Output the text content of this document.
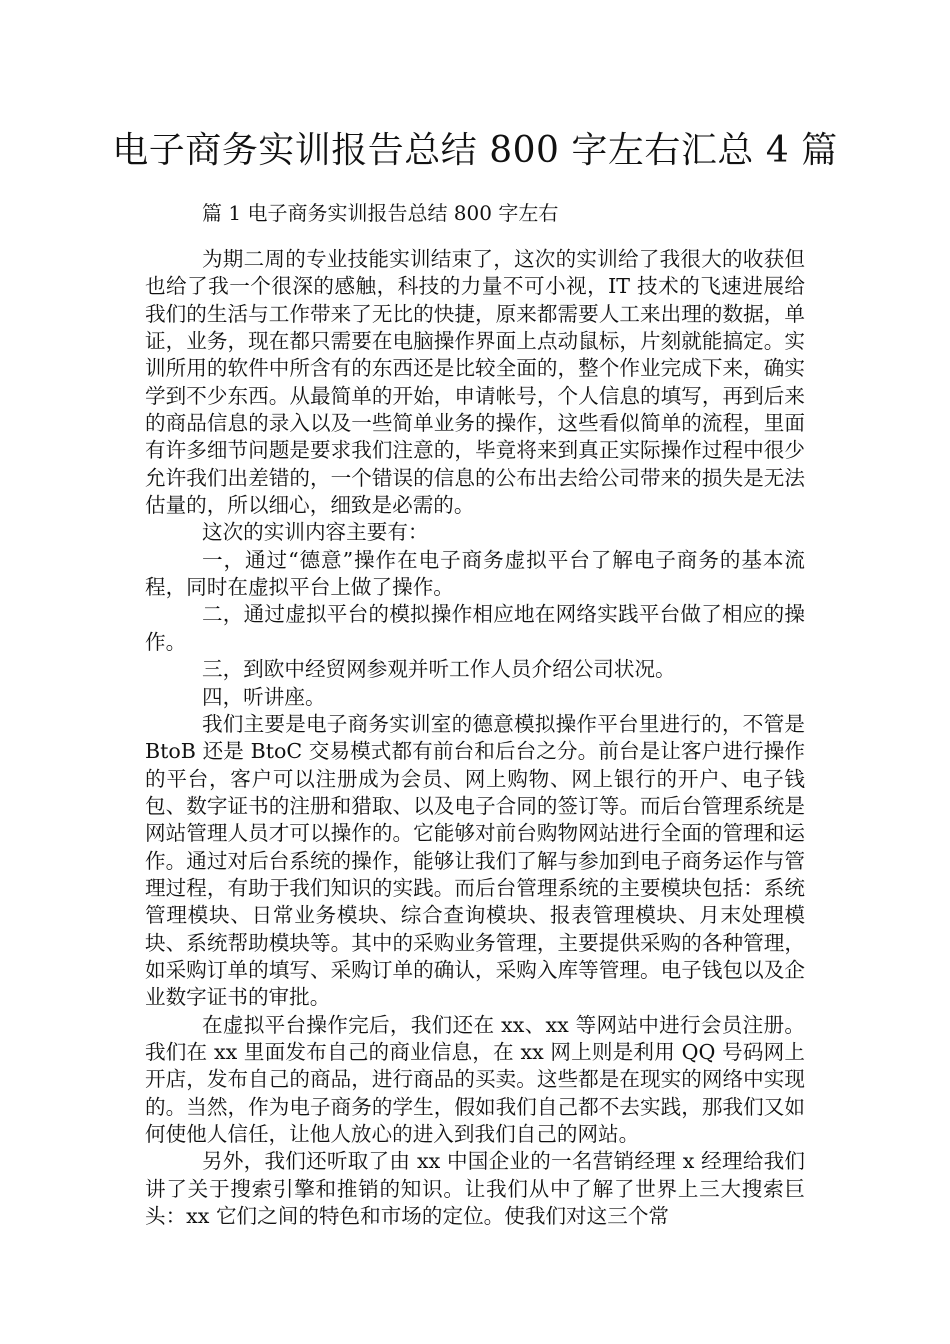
电子商务实训报告总结 800 字左右汇总 4 篇
篇 1 电子商务实训报告总结 800 字左右

为期二周的专业技能实训结束了，这次的实训给了我很大的收获但也给了我一个很深的感触，科技的力量不可小视，IT 技术的飞速进展给我们的生活与工作带来了无比的快捷，原来都需要人工来出理的数据，单证，业务，现在都只需要在电脑操作界面上点动鼠标，片刻就能搞定。实训所用的软件中所含有的东西还是比较全面的，整个作业完成下来，确实学到不少东西。从最简单的开始，申请帐号，个人信息的填写，再到后来的商品信息的录入以及一些简单业务的操作，这些看似简单的流程，里面有许多细节问题是要求我们注意的，毕竟将来到真正实际操作过程中很少允许我们出差错的，一个错误的信息的公布出去给公司带来的损失是无法估量的，所以细心，细致是必需的。

这次的实训内容主要有：

一，通过“德意”操作在电子商务虚拟平台了解电子商务的基本流程，同时在虚拟平台上做了操作。

二，通过虚拟平台的模拟操作相应地在网络实践平台做了相应的操作。

三，到欧中经贸网参观并听工作人员介绍公司状况。

四，听讲座。

我们主要是电子商务实训室的德意模拟操作平台里进行的，不管是 BtoB 还是 BtoC 交易模式都有前台和后台之分。前台是让客户进行操作的平台，客户可以注册成为会员、网上购物、网上银行的开户、电子钱包、数字证书的注册和猎取、以及电子合同的签订等。而后台管理系统是网站管理人员才可以操作的。它能够对前台购物网站进行全面的管理和运作。通过对后台系统的操作，能够让我们了解与参加到电子商务运作与管理过程，有助于我们知识的实践。而后台管理系统的主要模块包括：系统管理模块、日常业务模块、综合查询模块、报表管理模块、月末处理模块、系统帮助模块等。其中的采购业务管理，主要提供采购的各种管理，如采购订单的填写、采购订单的确认，采购入库等管理。电子钱包以及企业数字证书的审批。

在虚拟平台操作完后，我们还在 xx、xx 等网站中进行会员注册。我们在 xx 里面发布自己的商业信息，在 xx 网上则是利用 QQ 号码网上开店，发布自己的商品，进行商品的买卖。这些都是在现实的网络中实现的。当然，作为电子商务的学生，假如我们自己都不去实践，那我们又如何使他人信任，让他人放心的进入到我们自己的网站。

另外，我们还听取了由 xx 中国企业的一名营销经理 x 经理给我们讲了关于搜索引擎和推销的知识。让我们从中了解了世界上三大搜索巨头：xx 它们之间的特色和市场的定位。使我们对这三个常
